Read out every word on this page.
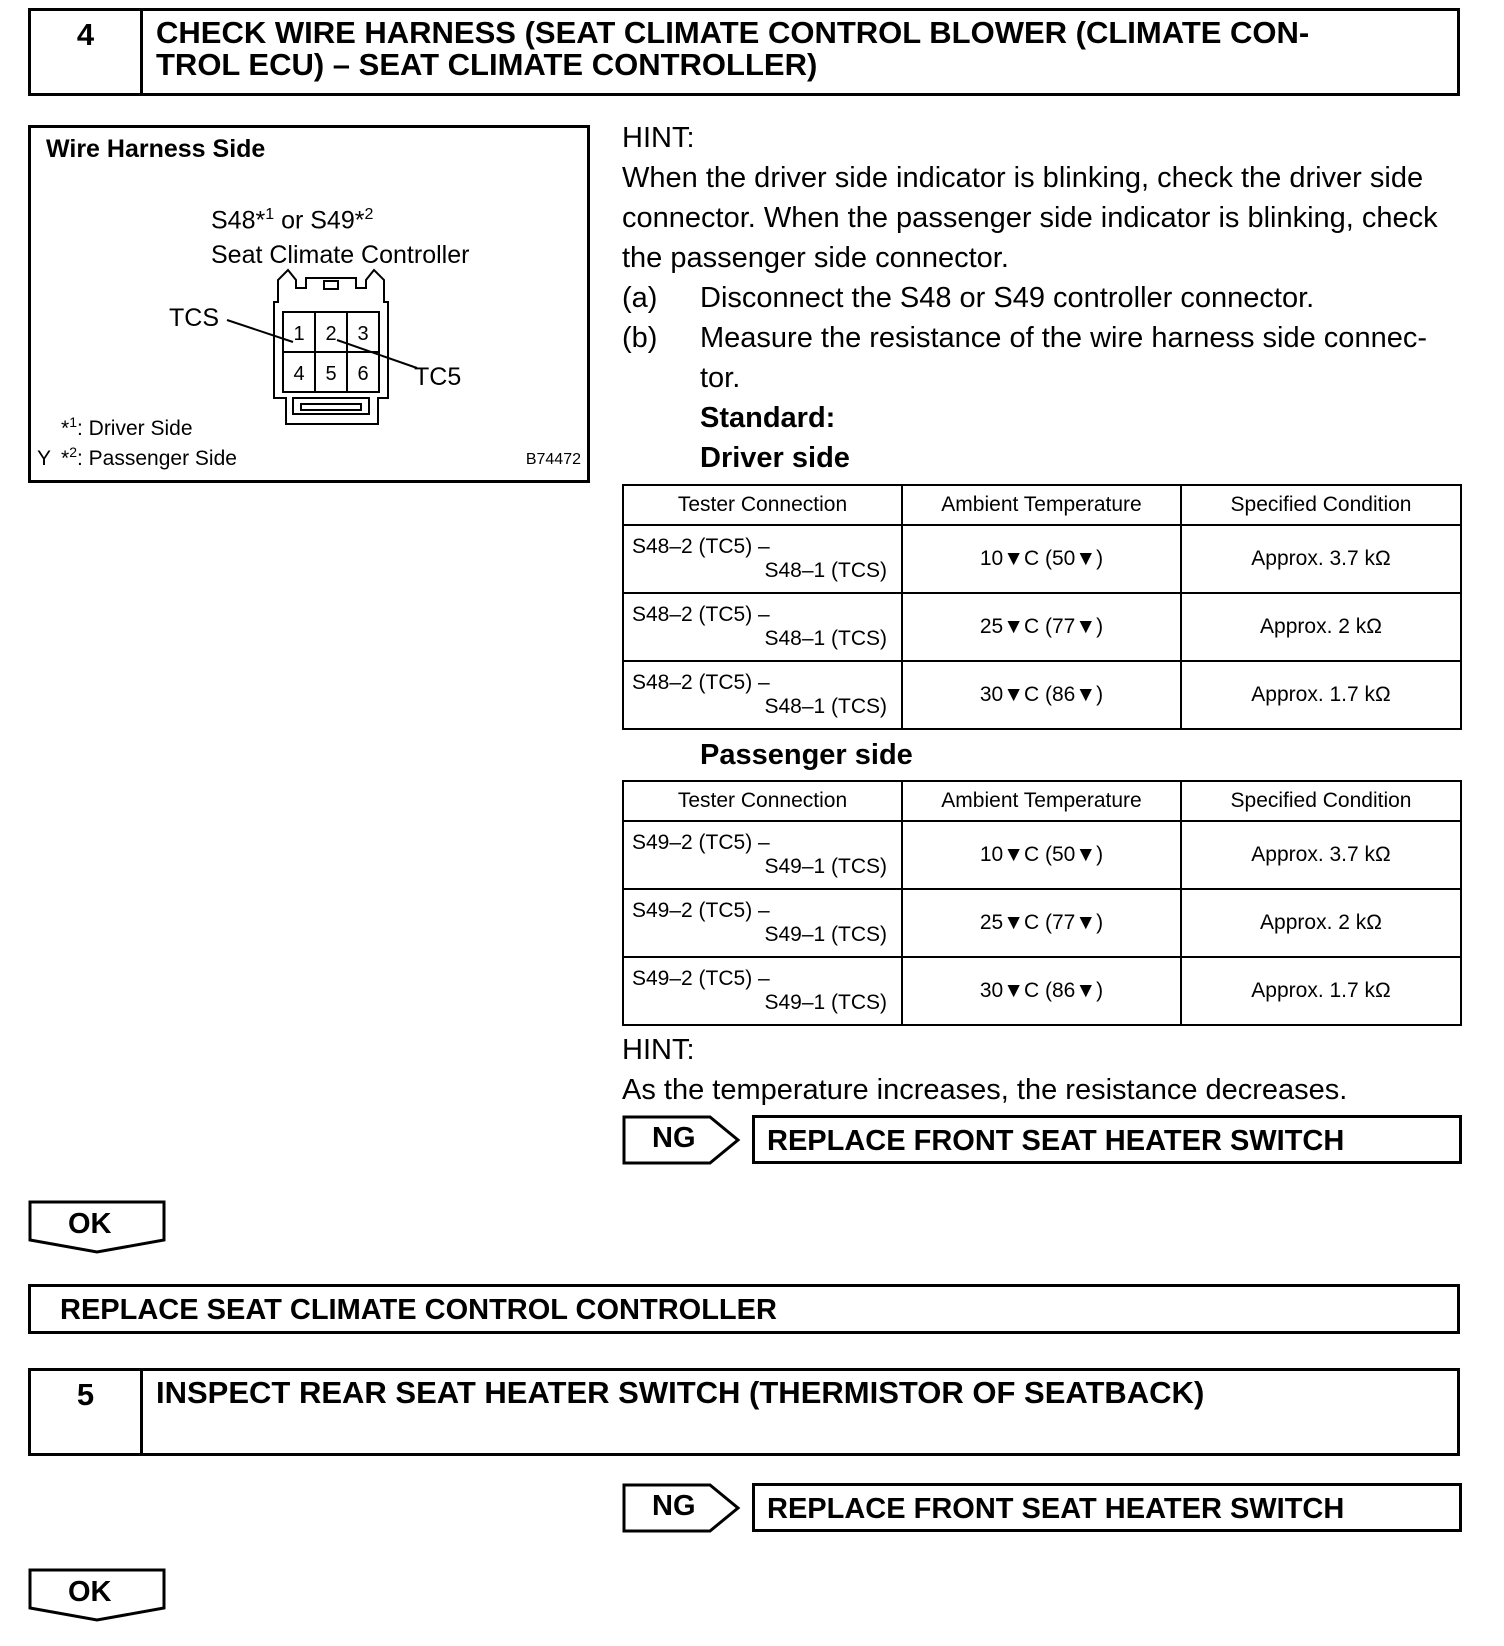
4	CHECK WIRE HARNESS (SEAT CLIMATE CONTROL BLOWER (CLIMATE CON-
TROL ECU) – SEAT CLIMATE CONTROLLER)
Wire Harness Side
S48*$^1$ or S49*$^2$
Seat Climate Controller
TCS
TC5
1 2 3
4 5 6
*$^1$: Driver Side
Y *$^2$: Passenger Side	B74472
HINT:
When the driver side indicator is blinking, check the driver side
connector. When the passenger side indicator is blinking, check
the passenger side connector.
(a) Disconnect the S48 or S49 controller connector.
(b) Measure the resistance of the wire harness side connec-
tor.
Standard:
Driver side
Tester Connection	Ambient Temperature	Specified Condition

S48–2 (TC5) –
S48–1 (TCS)	10▼C (50▼)	Approx. 3.7 kΩ

S48–2 (TC5) –
S48–1 (TCS)	25▼C (77▼)	Approx. 2 kΩ

S48–2 (TC5) –
S48–1 (TCS)	30▼C (86▼)	Approx. 1.7 kΩ
Passenger side
Tester Connection	Ambient Temperature	Specified Condition

S49–2 (TC5) –
S49–1 (TCS)	10▼C (50▼)	Approx. 3.7 kΩ

S49–2 (TC5) –
S49–1 (TCS)	25▼C (77▼)	Approx. 2 kΩ

S49–2 (TC5) –
S49–1 (TCS)	30▼C (86▼)	Approx. 1.7 kΩ
HINT:
As the temperature increases, the resistance decreases.
NG	REPLACE FRONT SEAT HEATER SWITCH
OK
REPLACE SEAT CLIMATE CONTROL CONTROLLER
5	INSPECT REAR SEAT HEATER SWITCH (THERMISTOR OF SEATBACK)
NG	REPLACE FRONT SEAT HEATER SWITCH
OK
